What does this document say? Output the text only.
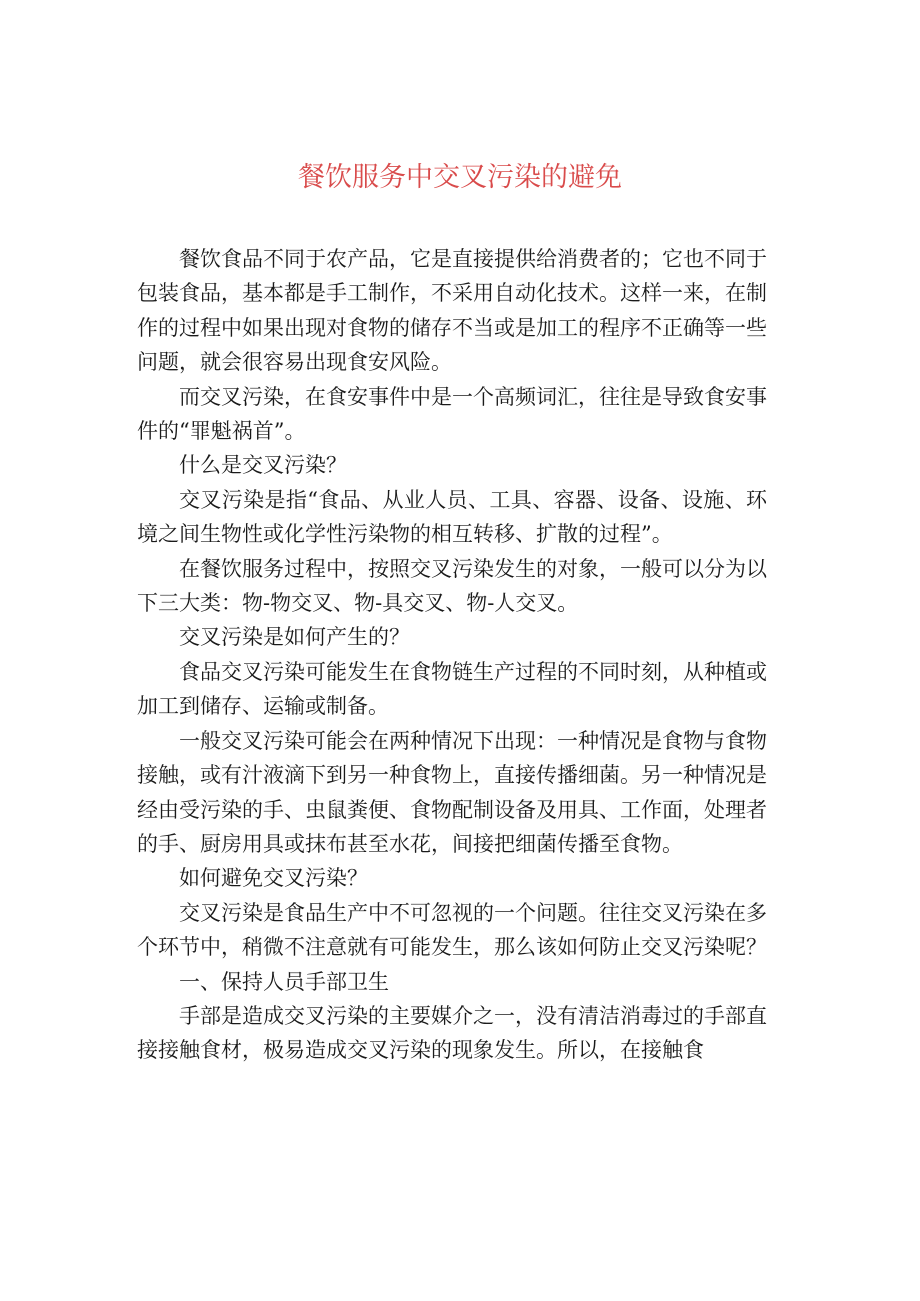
餐饮服务中交叉污染的避免

餐饮食品不同于农产品，它是直接提供给消费者的；它也不同于包装食品，基本都是手工制作，不采用自动化技术。这样一来，在制作的过程中如果出现对食物的储存不当或是加工的程序不正确等一些问题，就会很容易出现食安风险。

而交叉污染，在食安事件中是一个高频词汇，往往是导致食安事件的“罪魁祸首”。

什么是交叉污染？

交叉污染是指“食品、从业人员、工具、容器、设备、设施、环境之间生物性或化学性污染物的相互转移、扩散的过程”。

在餐饮服务过程中，按照交叉污染发生的对象，一般可以分为以下三大类：物-物交叉、物-具交叉、物-人交叉。

交叉污染是如何产生的？

食品交叉污染可能发生在食物链生产过程的不同时刻，从种植或加工到储存、运输或制备。

一般交叉污染可能会在两种情况下出现：一种情况是食物与食物接触，或有汁液滴下到另一种食物上，直接传播细菌。另一种情况是经由受污染的手、虫鼠粪便、食物配制设备及用具、工作面，处理者的手、厨房用具或抹布甚至水花，间接把细菌传播至食物。

如何避免交叉污染？

交叉污染是食品生产中不可忽视的一个问题。往往交叉污染在多个环节中，稍微不注意就有可能发生，那么该如何防止交叉污染呢？

一、保持人员手部卫生

手部是造成交叉污染的主要媒介之一，没有清洁消毒过的手部直接接触食材，极易造成交叉污染的现象发生。所以，在接触食
